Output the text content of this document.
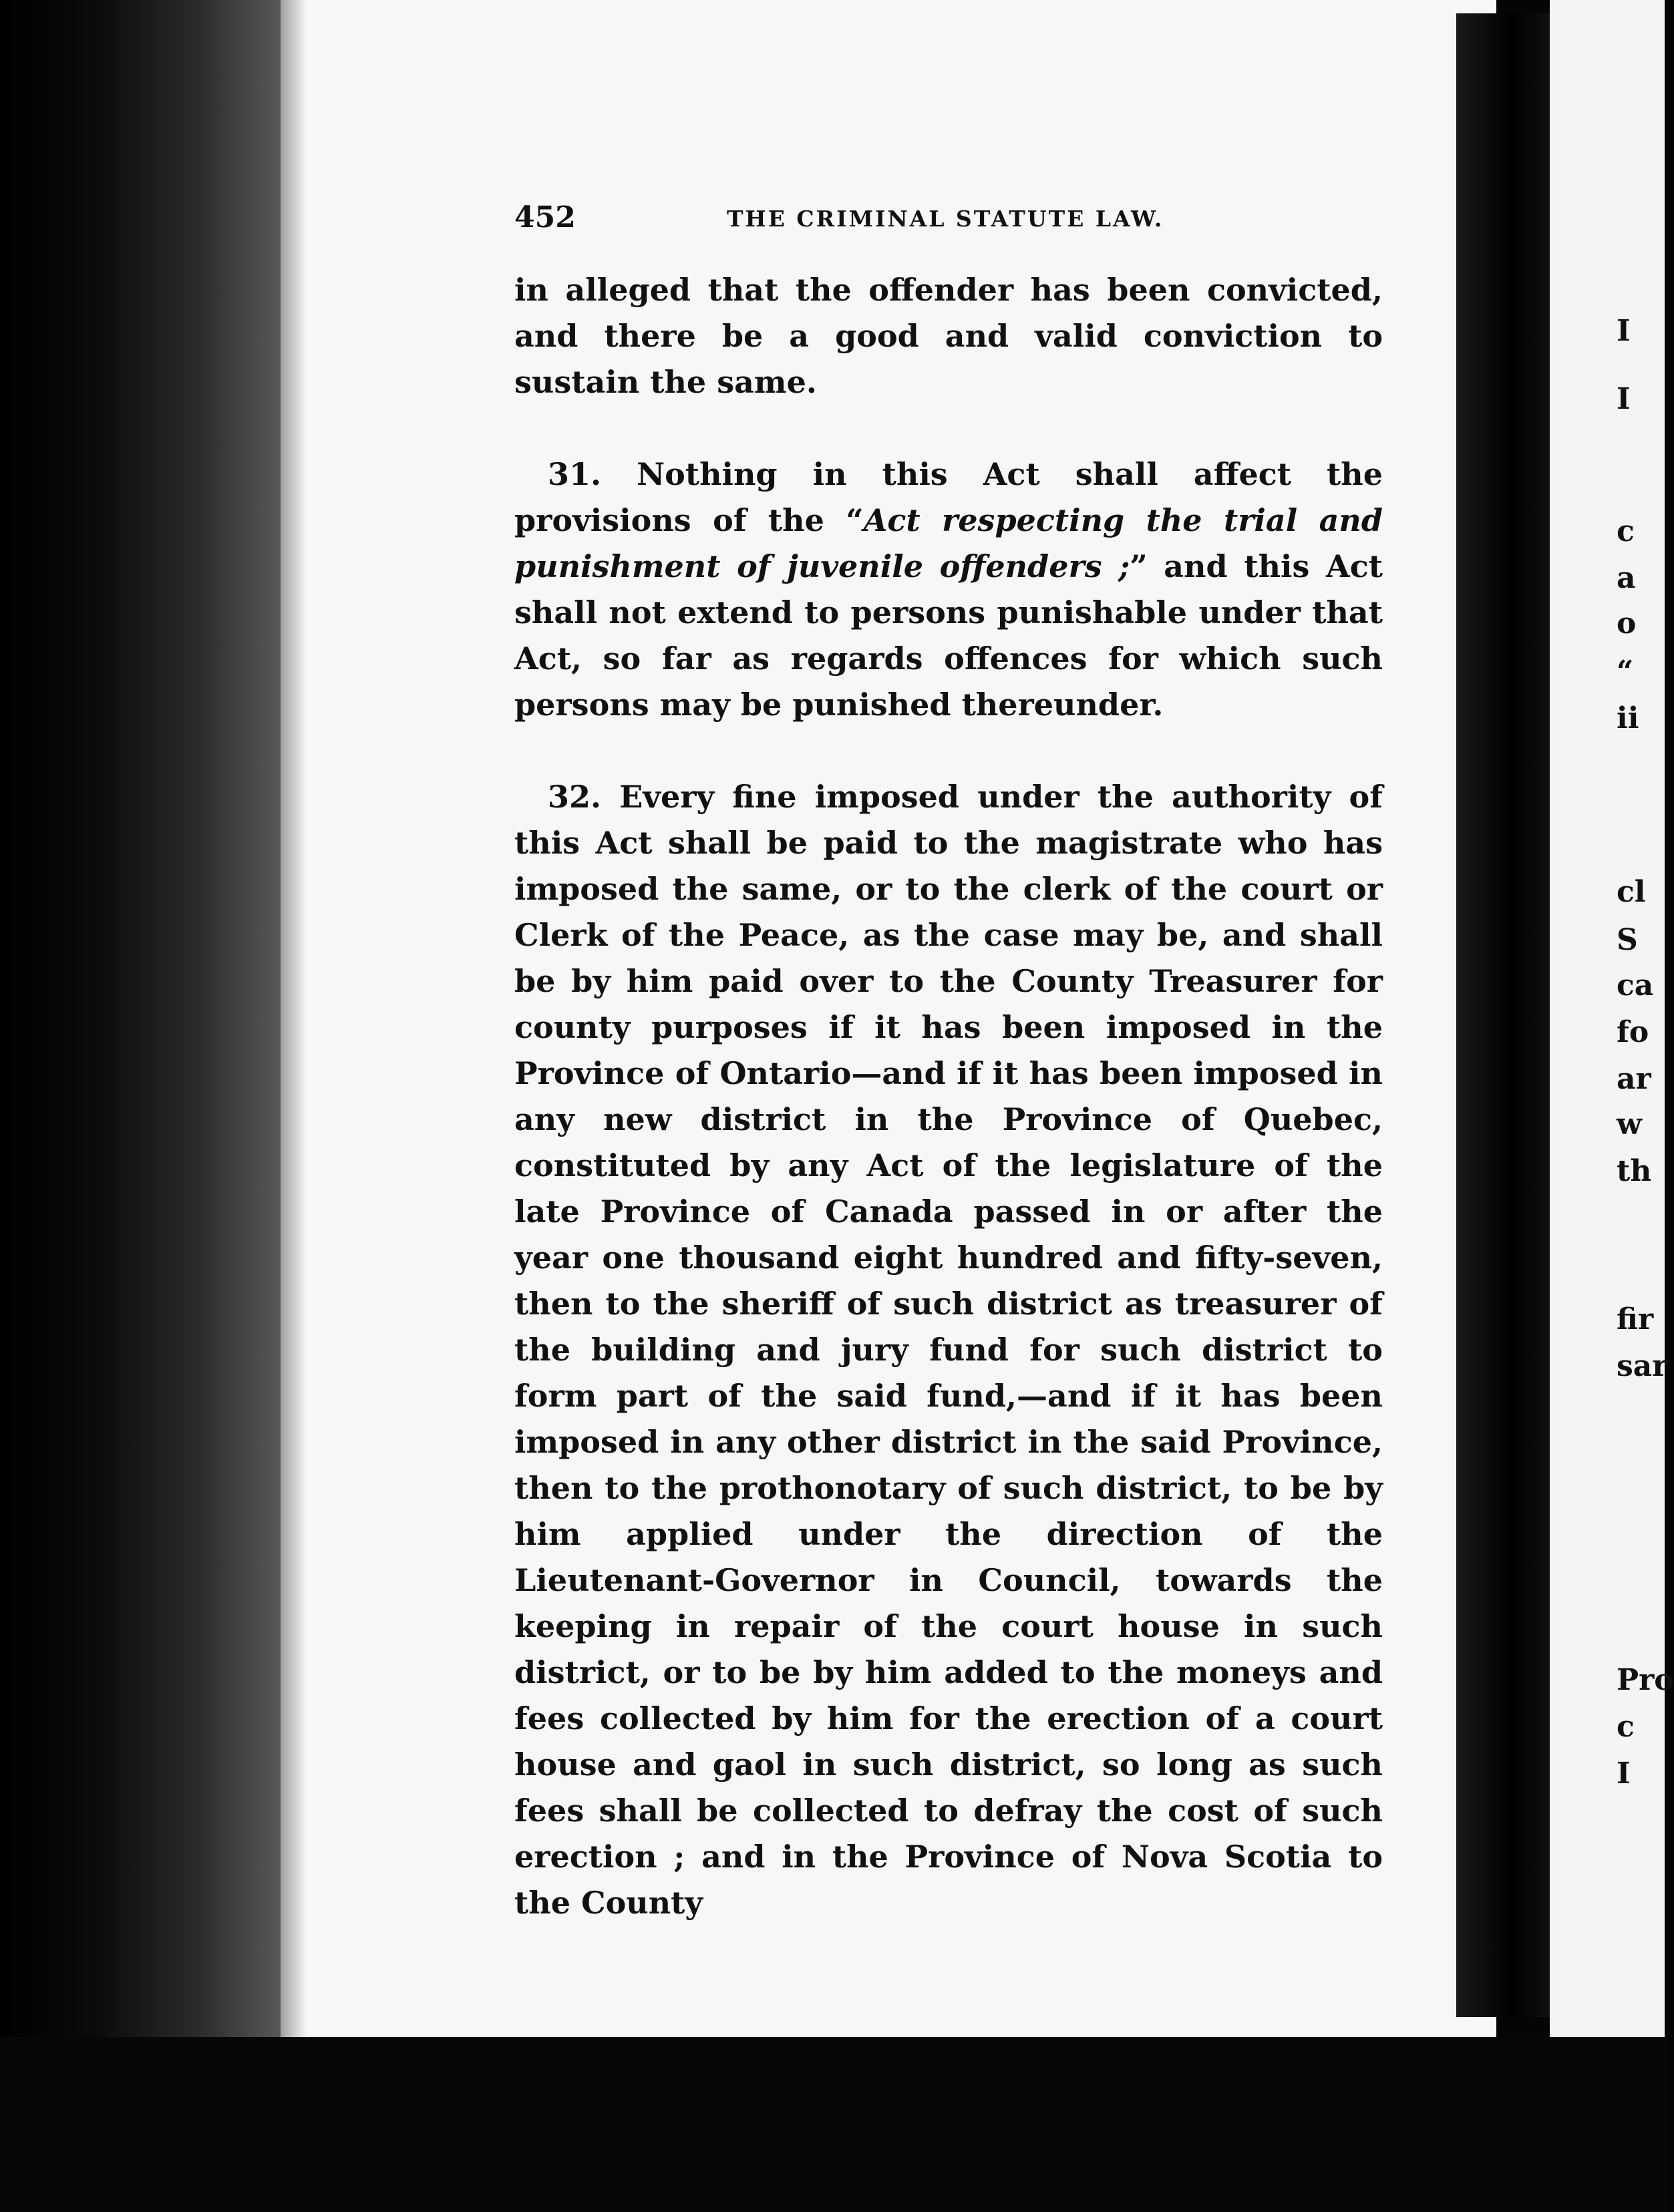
452	THE CRIMINAL STATUTE LAW.

in alleged that the offender has been convicted, and there be a good and valid conviction to sustain the same.

31. Nothing in this Act shall affect the provisions of the “Act respecting the trial and punishment of juvenile offenders ;” and this Act shall not extend to persons punishable under that Act, so far as regards offences for which such persons may be punished thereunder.

32. Every fine imposed under the authority of this Act shall be paid to the magistrate who has imposed the same, or to the clerk of the court or Clerk of the Peace, as the case may be, and shall be by him paid over to the County Treasurer for county purposes if it has been imposed in the Province of Ontario—and if it has been imposed in any new district in the Province of Quebec, constituted by any Act of the legislature of the late Province of Canada passed in or after the year one thousand eight hundred and fifty-seven, then to the sheriff of such district as treasurer of the building and jury fund for such district to form part of the said fund,—and if it has been imposed in any other district in the said Province, then to the prothonotary of such district, to be by him applied under the direction of the Lieutenant-Governor in Council, towards the keeping in repair of the court house in such district, or to be by him added to the moneys and fees collected by him for the erection of a court house and gaol in such district, so long as such fees shall be collected to defray the cost of such erection ; and in the Province of Nova Scotia to the County

I
I
c
a
o
“
ii
cl
S
ca
fo
ar
w
th
fir
sar
Pro
c
I
